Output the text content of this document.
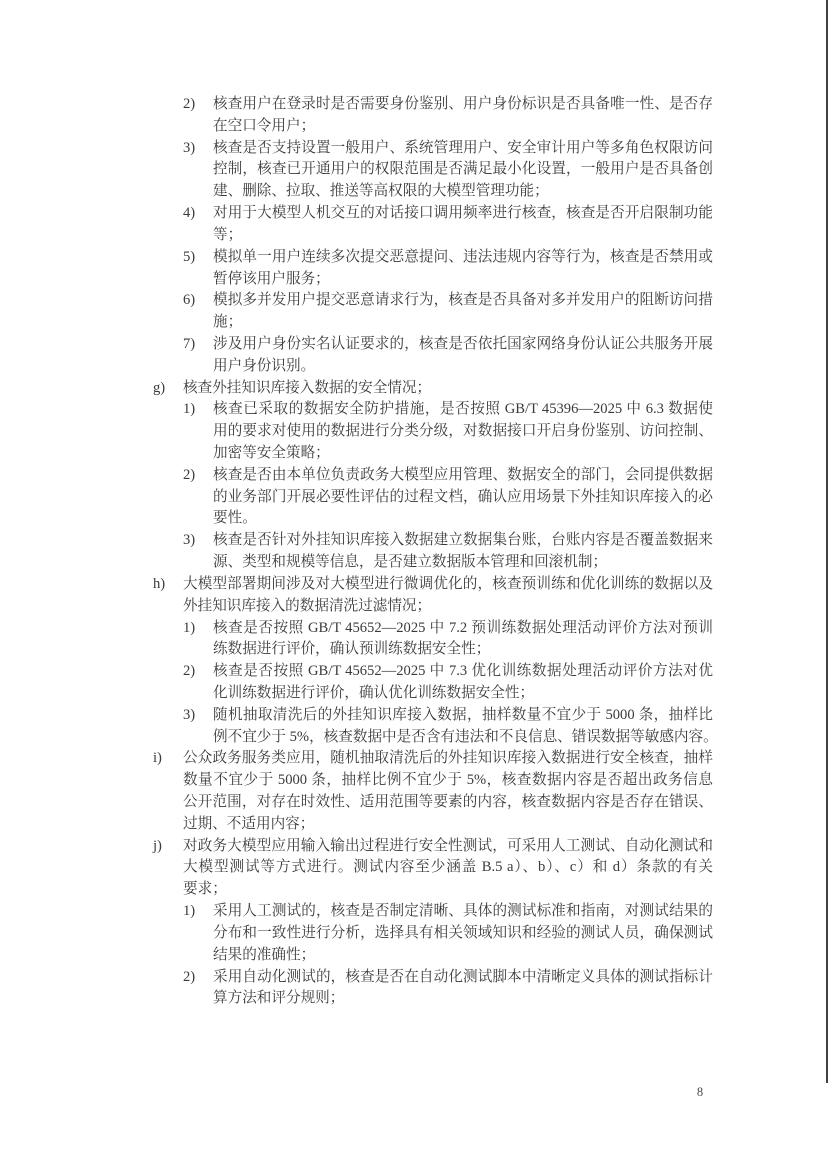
2) 核查用户在登录时是否需要身份鉴别、用户身份标识是否具备唯一性、是否存
在空口令用户；
3) 核查是否支持设置一般用户、系统管理用户、安全审计用户等多角色权限访问
控制，核查已开通用户的权限范围是否满足最小化设置，一般用户是否具备创
建、删除、拉取、推送等高权限的大模型管理功能；
4) 对用于大模型人机交互的对话接口调用频率进行核查，核查是否开启限制功能
等；
5) 模拟单一用户连续多次提交恶意提问、违法违规内容等行为，核查是否禁用或
暂停该用户服务；
6) 模拟多并发用户提交恶意请求行为，核查是否具备对多并发用户的阻断访问措
施；
7) 涉及用户身份实名认证要求的，核查是否依托国家网络身份认证公共服务开展
用户身份识别。
g) 核查外挂知识库接入数据的安全情况；
1) 核查已采取的数据安全防护措施，是否按照 GB/T 45396—2025 中 6.3 数据使
用的要求对使用的数据进行分类分级，对数据接口开启身份鉴别、访问控制、
加密等安全策略；
2) 核查是否由本单位负责政务大模型应用管理、数据安全的部门，会同提供数据
的业务部门开展必要性评估的过程文档，确认应用场景下外挂知识库接入的必
要性。
3) 核查是否针对外挂知识库接入数据建立数据集台账，台账内容是否覆盖数据来
源、类型和规模等信息，是否建立数据版本管理和回滚机制；
h) 大模型部署期间涉及对大模型进行微调优化的，核查预训练和优化训练的数据以及
外挂知识库接入的数据清洗过滤情况；
1) 核查是否按照 GB/T 45652—2025 中 7.2 预训练数据处理活动评价方法对预训
练数据进行评价，确认预训练数据安全性；
2) 核查是否按照 GB/T 45652—2025 中 7.3 优化训练数据处理活动评价方法对优
化训练数据进行评价，确认优化训练数据安全性；
3) 随机抽取清洗后的外挂知识库接入数据，抽样数量不宜少于 5000 条，抽样比
例不宜少于 5%，核查数据中是否含有违法和不良信息、错误数据等敏感内容。
i) 公众政务服务类应用，随机抽取清洗后的外挂知识库接入数据进行安全核查，抽样
数量不宜少于 5000 条，抽样比例不宜少于 5%，核查数据内容是否超出政务信息
公开范围，对存在时效性、适用范围等要素的内容，核查数据内容是否存在错误、
过期、不适用内容；
j) 对政务大模型应用输入输出过程进行安全性测试，可采用人工测试、自动化测试和
大模型测试等方式进行。测试内容至少涵盖 B.5 a）、b）、c）和 d）条款的有关
要求；
1) 采用人工测试的，核查是否制定清晰、具体的测试标准和指南，对测试结果的
分布和一致性进行分析，选择具有相关领域知识和经验的测试人员，确保测试
结果的准确性；
2) 采用自动化测试的，核查是否在自动化测试脚本中清晰定义具体的测试指标计
算方法和评分规则；
8
